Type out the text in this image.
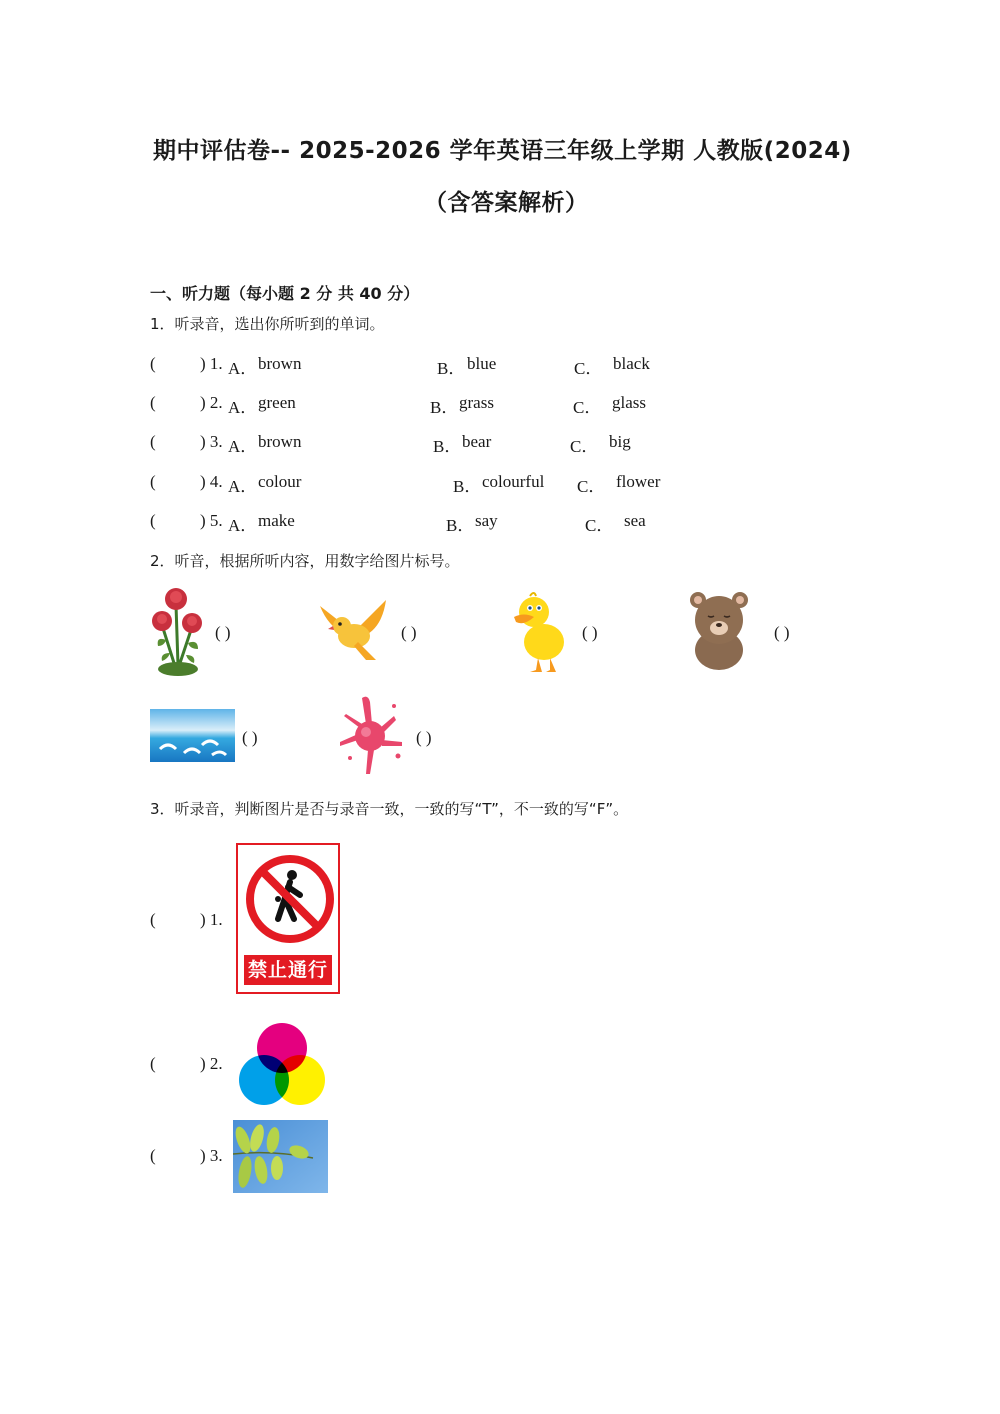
期中评估卷-- 2025-2026 学年英语三年级上学期 人教版(2024)
（含答案解析）
一、听力题（每小题 2 分 共 40 分）
1．听录音，选出你所听到的单词。
(	) 1. A． brown	B． blue	C． black
(	) 2. A． green	B． grass	C． glass
(	) 3. A． brown	B． bear	C． big
(	) 4. A． colour	B． colourful C． flower
(	) 5. A． make	B． say	C． sea
2．听音，根据所听内容，用数字给图片标号。
( )	( )	( )	( )
( )	( )
3．听录音，判断图片是否与录音一致，一致的写“T”，不一致的写“F”。
(	) 1.
禁止通行
(	) 2.
(	) 3.
